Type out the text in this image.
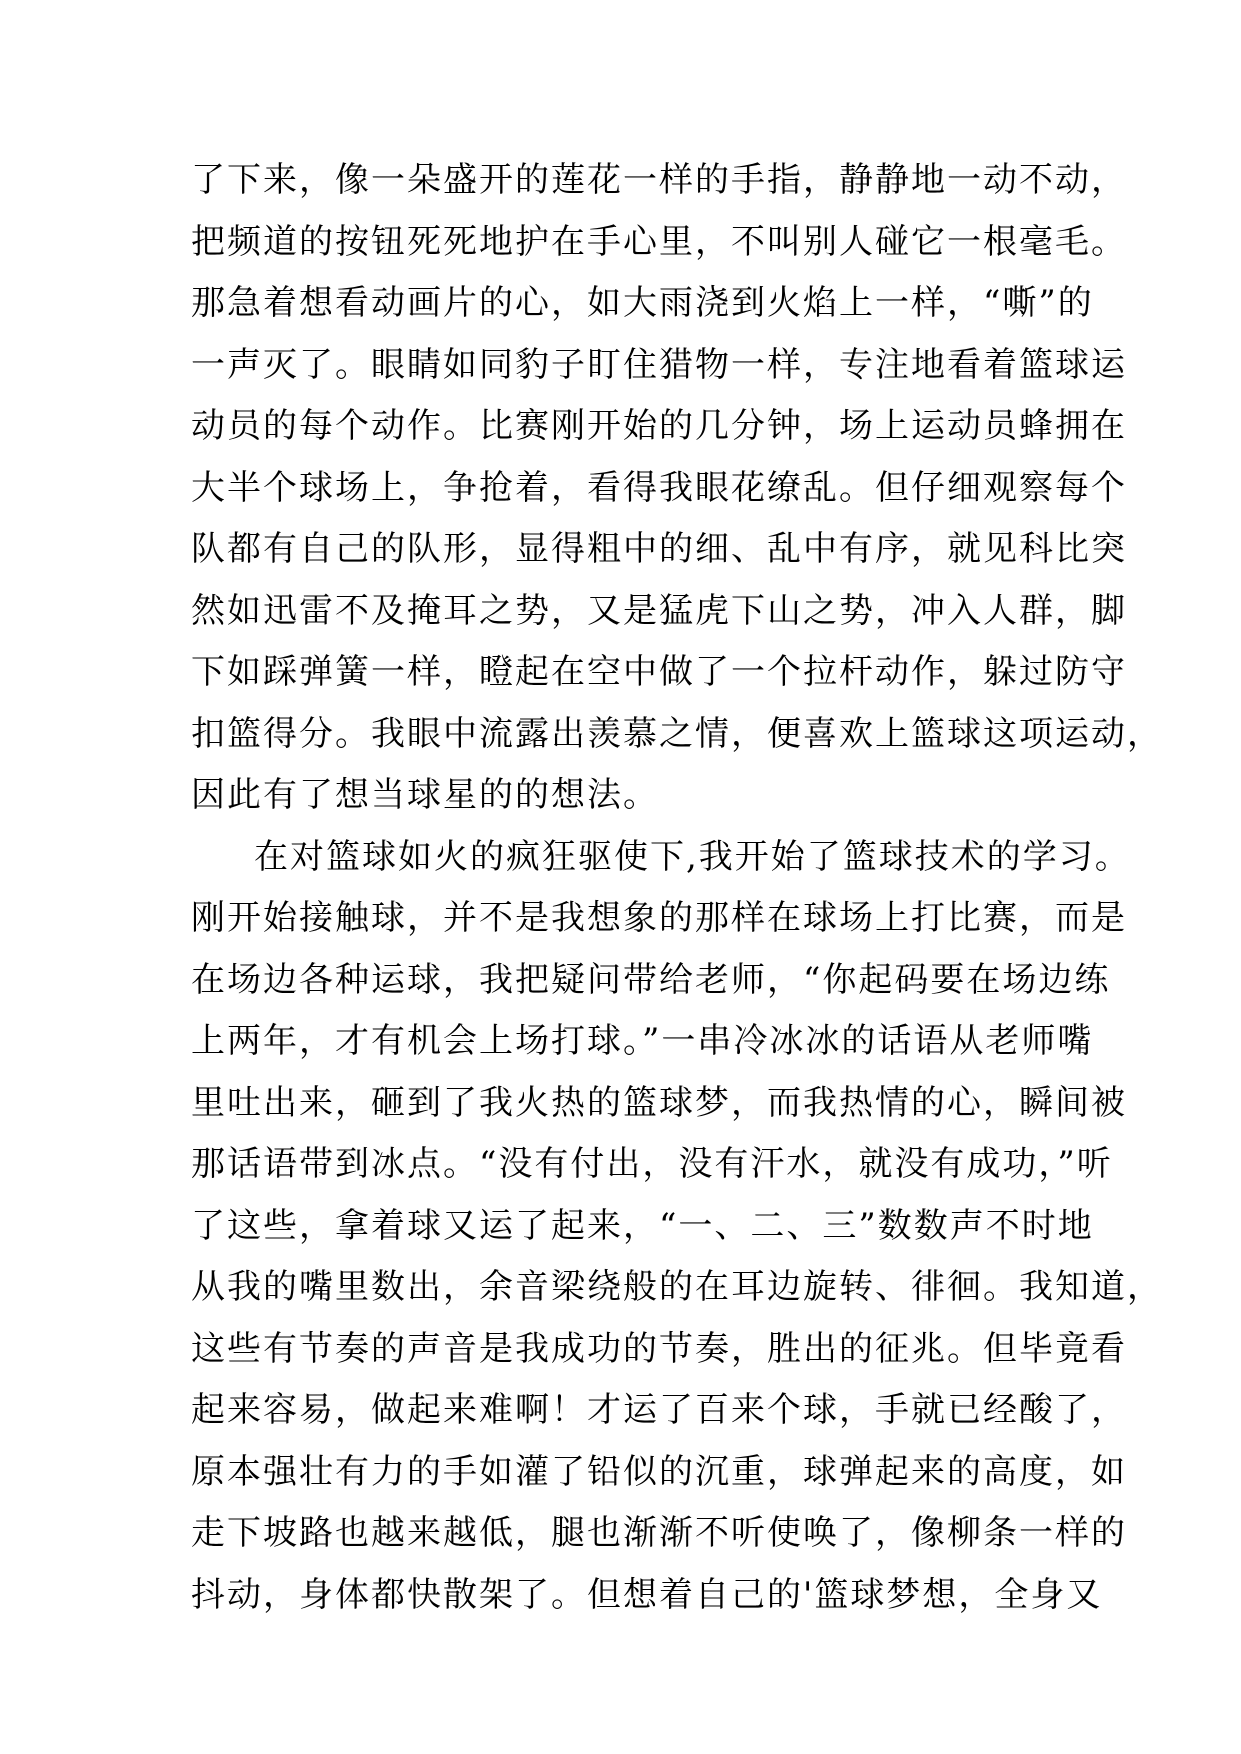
了下来，像一朵盛开的莲花一样的手指，静静地一动不动，
把频道的按钮死死地护在手心里，不叫别人碰它一根毫毛。
那急着想看动画片的心，如大雨浇到火焰上一样，“嘶”的
一声灭了。眼睛如同豹子盯住猎物一样，专注地看着篮球运
动员的每个动作。比赛刚开始的几分钟，场上运动员蜂拥在
大半个球场上，争抢着，看得我眼花缭乱。但仔细观察每个
队都有自己的队形，显得粗中的细、乱中有序，就见科比突
然如迅雷不及掩耳之势，又是猛虎下山之势，冲入人群，脚
下如踩弹簧一样，瞪起在空中做了一个拉杆动作，躲过防守
扣篮得分。我眼中流露出羡慕之情，便喜欢上篮球这项运动，
因此有了想当球星的的想法。
在对篮球如火的疯狂驱使下,我开始了篮球技术的学习。
刚开始接触球，并不是我想象的那样在球场上打比赛，而是
在场边各种运球，我把疑问带给老师，“你起码要在场边练
上两年，才有机会上场打球。”一串冷冰冰的话语从老师嘴
里吐出来，砸到了我火热的篮球梦，而我热情的心，瞬间被
那话语带到冰点。“没有付出，没有汗水，就没有成功，”听
了这些，拿着球又运了起来，“一、二、三”数数声不时地
从我的嘴里数出，余音梁绕般的在耳边旋转、徘徊。我知道，
这些有节奏的声音是我成功的节奏，胜出的征兆。但毕竟看
起来容易，做起来难啊！才运了百来个球，手就已经酸了，
原本强壮有力的手如灌了铅似的沉重，球弹起来的高度，如
走下坡路也越来越低，腿也渐渐不听使唤了，像柳条一样的
抖动，身体都快散架了。但想着自己的'篮球梦想，全身又
